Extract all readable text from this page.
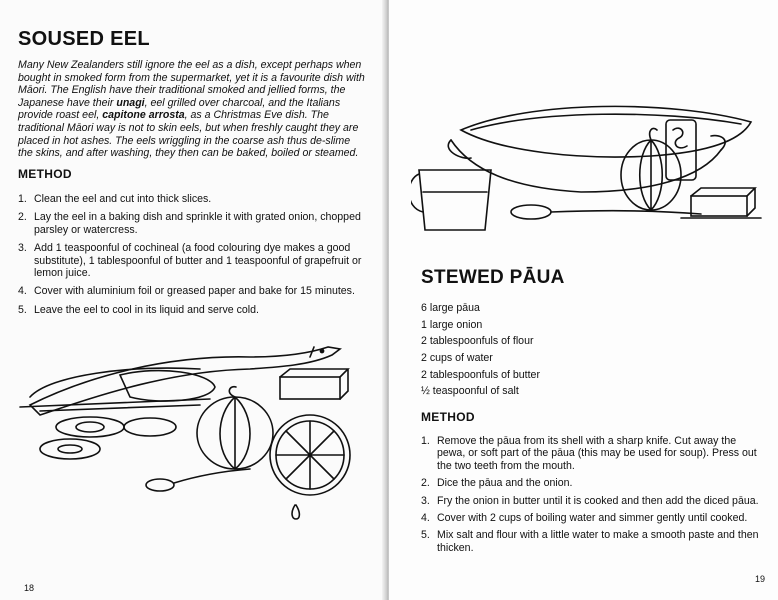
SOUSED EEL
Many New Zealanders still ignore the eel as a dish, except perhaps when bought in smoked form from the supermarket, yet it is a favourite dish with Māori. The English have their traditional smoked and jellied forms, the Japanese have their unagi, eel grilled over charcoal, and the Italians provide roast eel, capitone arrosta, as a Christmas Eve dish. The traditional Māori way is not to skin eels, but when freshly caught they are placed in hot ashes. The eels wriggling in the coarse ash thus de-slime the skins, and after washing, they then can be baked, boiled or steamed.
METHOD
1. Clean the eel and cut into thick slices.
2. Lay the eel in a baking dish and sprinkle it with grated onion, chopped parsley or watercress.
3. Add 1 teaspoonful of cochineal (a food colouring dye makes a good substitute), 1 tablespoonful of butter and 1 teaspoonful of grapefruit or lemon juice.
4. Cover with aluminium foil or greased paper and bake for 15 minutes.
5. Leave the eel to cool in its liquid and serve cold.
18
STEWED PĀUA
6 large pāua
1 large onion
2 tablespoonfuls of flour
2 cups of water
2 tablespoonfuls of butter
½ teaspoonful of salt
METHOD
1. Remove the pāua from its shell with a sharp knife. Cut away the pewa, or soft part of the pāua (this may be used for soup). Press out the two teeth from the mouth.
2. Dice the pāua and the onion.
3. Fry the onion in butter until it is cooked and then add the diced pāua.
4. Cover with 2 cups of boiling water and simmer gently until cooked.
5. Mix salt and flour with a little water to make a smooth paste and then thicken.
19
